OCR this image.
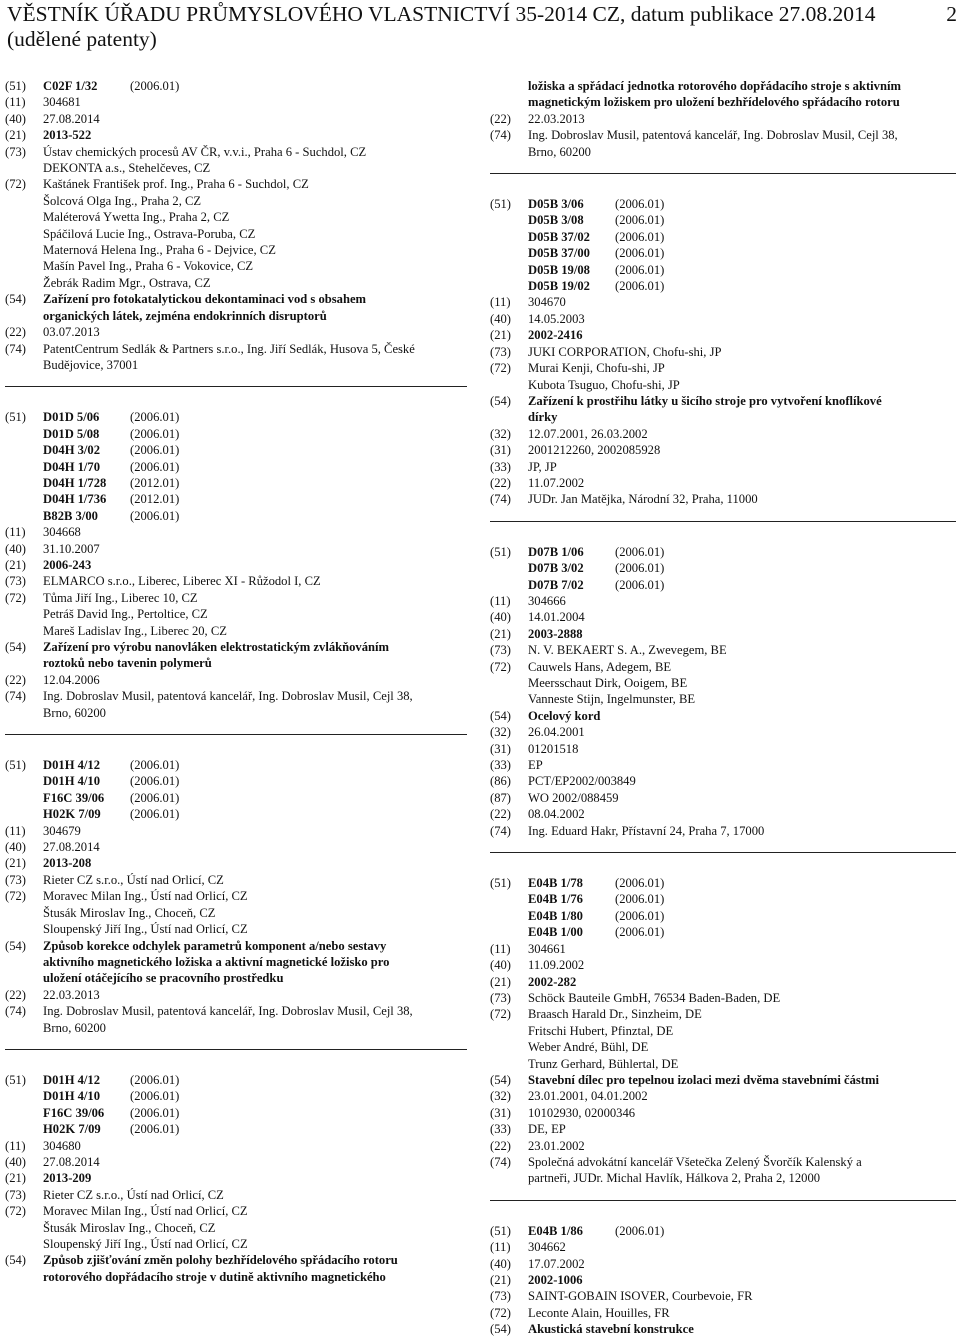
VĚSTNÍK ÚŘADU PRŮMYSLOVÉHO VLASTNICTVÍ 35-2014 CZ, datum publikace 27.08.2014
(udělené patenty)
2
(51)	C02F 1/32	(2006.01)
(11)	304681
(40)	27.08.2014
(21)	2013-522
(73)	Ústav chemických procesů AV ČR, v.v.i., Praha 6 - Suchdol, CZ
DEKONTA a.s., Stehelčeves, CZ
(72)	Kaštánek František prof. Ing., Praha 6 - Suchdol, CZ
Šolcová Olga Ing., Praha 2, CZ
Maléterová Ywetta Ing., Praha 2, CZ
Spáčilová Lucie Ing., Ostrava-Poruba, CZ
Maternová Helena Ing., Praha 6 - Dejvice, CZ
Mašín Pavel Ing., Praha 6 - Vokovice, CZ
Žebrák Radim Mgr., Ostrava, CZ
(54)	Zařízení pro fotokatalytickou dekontaminaci vod s obsahem
organických látek, zejména endokrinních disruptorů
(22)	03.07.2013
(74)	PatentCentrum Sedlák & Partners s.r.o., Ing. Jiří Sedlák, Husova 5, České
Budějovice, 37001
(51)	D01D 5/06	(2006.01)
D01D 5/08	(2006.01)
D04H 3/02	(2006.01)
D04H 1/70	(2006.01)
D04H 1/728	(2012.01)
D04H 1/736	(2012.01)
B82B 3/00	(2006.01)
(11)	304668
(40)	31.10.2007
(21)	2006-243
(73)	ELMARCO s.r.o., Liberec, Liberec XI - Růžodol I, CZ
(72)	Tůma Jiří Ing., Liberec 10, CZ
Petráš David Ing., Pertoltice, CZ
Mareš Ladislav Ing., Liberec 20, CZ
(54)	Zařízení pro výrobu nanovláken elektrostatickým zvlákňováním
roztoků nebo tavenin polymerů
(22)	12.04.2006
(74)	Ing. Dobroslav Musil, patentová kancelář, Ing. Dobroslav Musil, Cejl 38,
Brno, 60200
(51)	D01H 4/12	(2006.01)
D01H 4/10	(2006.01)
F16C 39/06	(2006.01)
H02K 7/09	(2006.01)
(11)	304679
(40)	27.08.2014
(21)	2013-208
(73)	Rieter CZ s.r.o., Ústí nad Orlicí, CZ
(72)	Moravec Milan Ing., Ústí nad Orlicí, CZ
Štusák Miroslav Ing., Choceň, CZ
Sloupenský Jiří Ing., Ústí nad Orlicí, CZ
(54)	Způsob korekce odchylek parametrů komponent a/nebo sestavy
aktivního magnetického ložiska a aktivní magnetické ložisko pro
uložení otáčejícího se pracovního prostředku
(22)	22.03.2013
(74)	Ing. Dobroslav Musil, patentová kancelář, Ing. Dobroslav Musil, Cejl 38,
Brno, 60200
(51)	D01H 4/12	(2006.01)
D01H 4/10	(2006.01)
F16C 39/06	(2006.01)
H02K 7/09	(2006.01)
(11)	304680
(40)	27.08.2014
(21)	2013-209
(73)	Rieter CZ s.r.o., Ústí nad Orlicí, CZ
(72)	Moravec Milan Ing., Ústí nad Orlicí, CZ
Štusák Miroslav Ing., Choceň, CZ
Sloupenský Jiří Ing., Ústí nad Orlicí, CZ
(54)	Způsob zjišťování změn polohy bezhřídelového spřádacího rotoru
rotorového dopřádacího stroje v dutině aktivního magnetického
ložiska a spřádací jednotka rotorového dopřádacího stroje s aktivním
magnetickým ložiskem pro uložení bezhřídelového spřádacího rotoru
(22)	22.03.2013
(74)	Ing. Dobroslav Musil, patentová kancelář, Ing. Dobroslav Musil, Cejl 38,
Brno, 60200
(51)	D05B 3/06	(2006.01)
D05B 3/08	(2006.01)
D05B 37/02	(2006.01)
D05B 37/00	(2006.01)
D05B 19/08	(2006.01)
D05B 19/02	(2006.01)
(11)	304670
(40)	14.05.2003
(21)	2002-2416
(73)	JUKI CORPORATION, Chofu-shi, JP
(72)	Murai Kenji, Chofu-shi, JP
Kubota Tsuguo, Chofu-shi, JP
(54)	Zařízení k prostřihu látky u šicího stroje pro vytvoření knoflíkové
dírky
(32)	12.07.2001, 26.03.2002
(31)	2001212260, 2002085928
(33)	JP, JP
(22)	11.07.2002
(74)	JUDr. Jan Matějka, Národní 32, Praha, 11000
(51)	D07B 1/06	(2006.01)
D07B 3/02	(2006.01)
D07B 7/02	(2006.01)
(11)	304666
(40)	14.01.2004
(21)	2003-2888
(73)	N. V. BEKAERT S. A., Zwevegem, BE
(72)	Cauwels Hans, Adegem, BE
Meersschaut Dirk, Ooigem, BE
Vanneste Stijn, Ingelmunster, BE
(54)	Ocelový kord
(32)	26.04.2001
(31)	01201518
(33)	EP
(86)	PCT/EP2002/003849
(87)	WO 2002/088459
(22)	08.04.2002
(74)	Ing. Eduard Hakr, Přístavní 24, Praha 7, 17000
(51)	E04B 1/78	(2006.01)
E04B 1/76	(2006.01)
E04B 1/80	(2006.01)
E04B 1/00	(2006.01)
(11)	304661
(40)	11.09.2002
(21)	2002-282
(73)	Schöck Bauteile GmbH, 76534 Baden-Baden, DE
(72)	Braasch Harald Dr., Sinzheim, DE
Fritschi Hubert, Pfinztal, DE
Weber André, Bühl, DE
Trunz Gerhard, Bühlertal, DE
(54)	Stavební dílec pro tepelnou izolaci mezi dvěma stavebními částmi
(32)	23.01.2001, 04.01.2002
(31)	10102930, 02000346
(33)	DE, EP
(22)	23.01.2002
(74)	Společná advokátní kancelář Všetečka Zelený Švorčík Kalenský a
partneři, JUDr. Michal Havlík, Hálkova 2, Praha 2, 12000
(51)	E04B 1/86	(2006.01)
(11)	304662
(40)	17.07.2002
(21)	2002-1006
(73)	SAINT-GOBAIN ISOVER, Courbevoie, FR
(72)	Leconte Alain, Houilles, FR
(54)	Akustická stavební konstrukce
